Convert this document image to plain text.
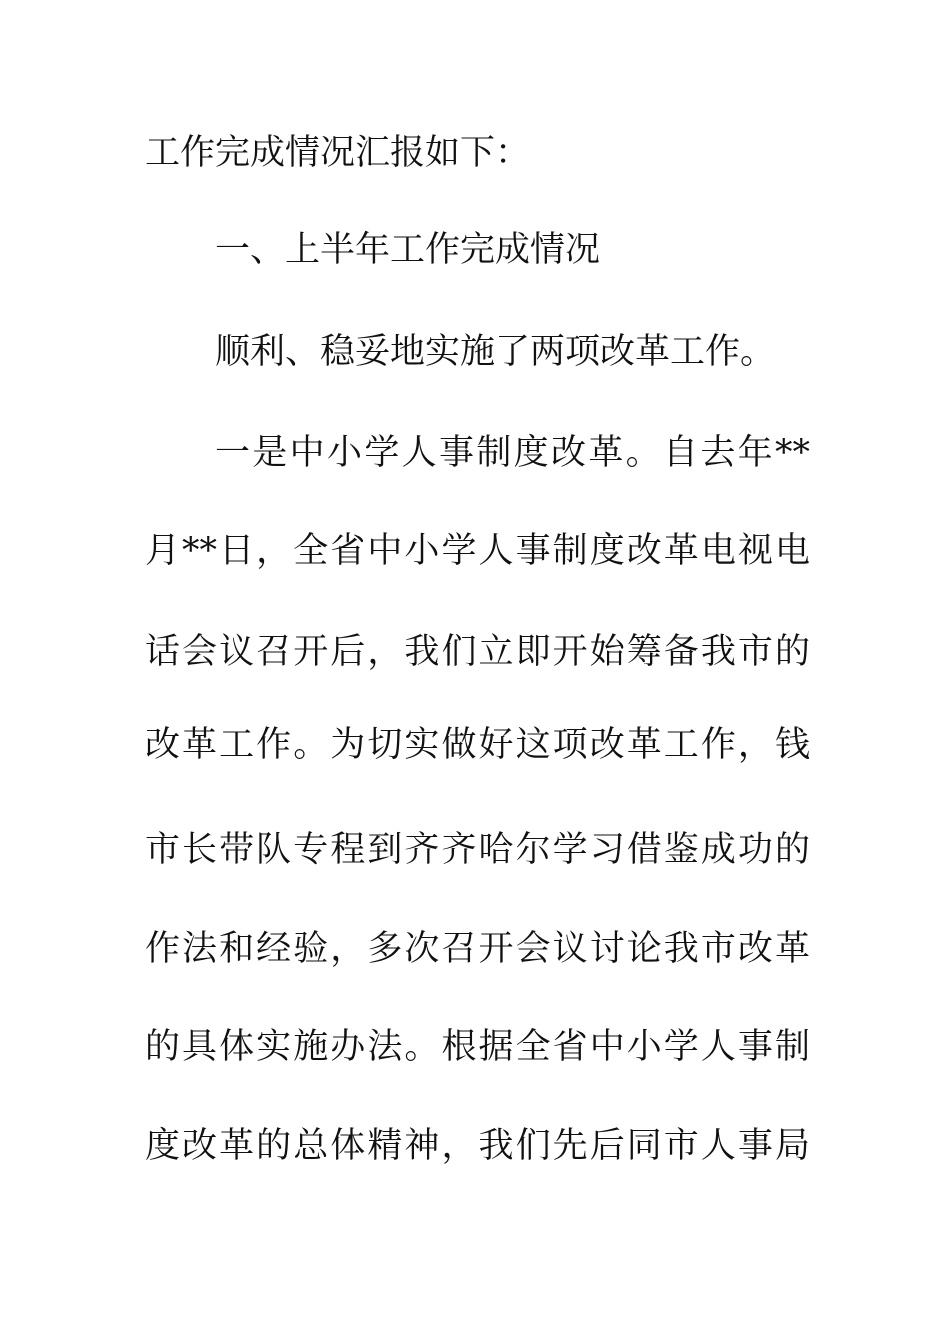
工作完成情况汇报如下：
一、上半年工作完成情况
顺利、稳妥地实施了两项改革工作。
一是中小学人事制度改革。自去年**
月**日，全省中小学人事制度改革电视电
话会议召开后，我们立即开始筹备我市的
改革工作。为切实做好这项改革工作，钱
市长带队专程到齐齐哈尔学习借鉴成功的
作法和经验，多次召开会议讨论我市改革
的具体实施办法。根据全省中小学人事制
度改革的总体精神，我们先后同市人事局
